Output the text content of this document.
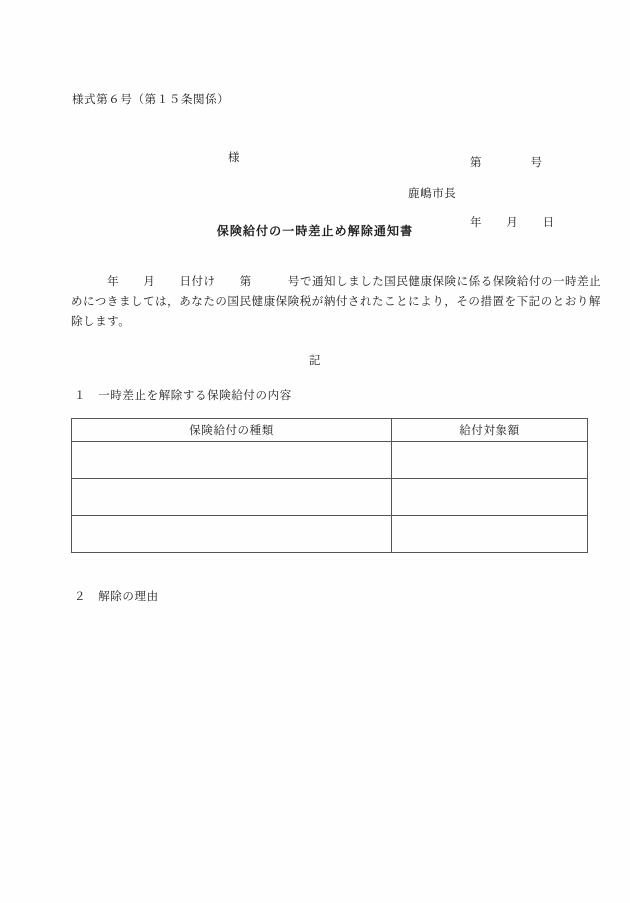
様式第６号（第１５条関係）

第　　　　号

年　　月　　日

様
鹿嶋市長
保険給付の一時差止め解除通知書
　　　年　　月　　日付け　　第　　　号で通知しました国民健康保険に係る保険給付の一時差止
めにつきましては，あなたの国民健康保険税が納付されたことにより，その措置を下記のとおり解
除します。
記
１　一時差止を解除する保険給付の内容
保険給付の種類	給付対象額

２　解除の理由
